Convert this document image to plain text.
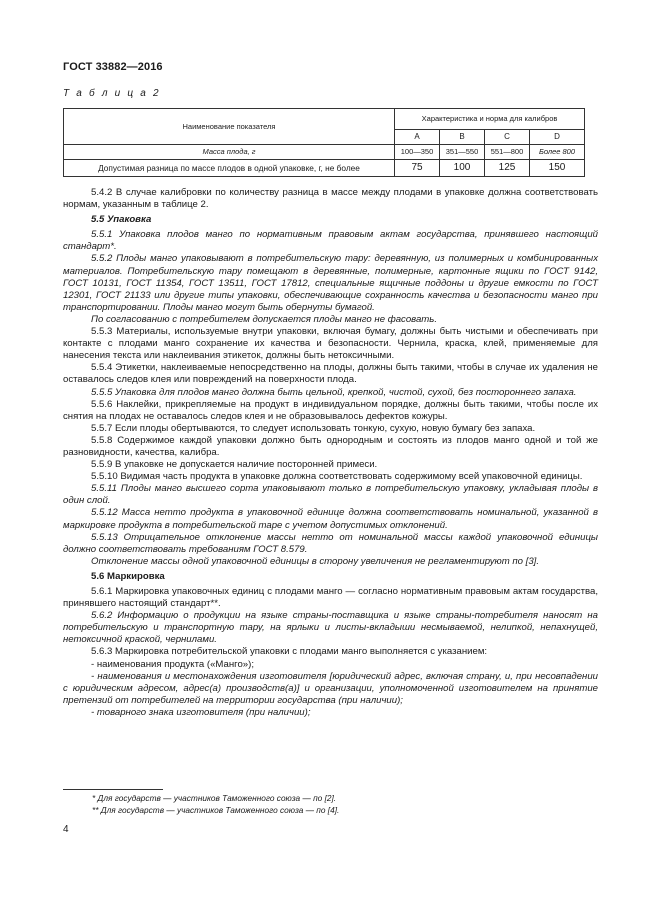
ГОСТ 33882—2016
Т а б л и ц а 2
Наименование показателя	Характеристика и норма для калибров			
	A	B	C	D
Масса плода, г	100—350	351—550	551—800	Более 800
Допустимая разница по массе плодов в одной упаковке, г, не более	75	100	125	150

5.4.2 В случае калибровки по количеству разница в массе между плодами в упаковке должна соответствовать нормам, указанным в таблице 2.

5.5 Упаковка

5.5.1 Упаковка плодов манго по нормативным правовым актам государства, принявшего настоящий стандарт*.

5.5.2 Плоды манго упаковывают в потребительскую тару: деревянную, из полимерных и комбинированных материалов. Потребительскую тару помещают в деревянные, полимерные, картонные ящики по ГОСТ 9142, ГОСТ 10131, ГОСТ 11354, ГОСТ 13511, ГОСТ 17812, специальные ящичные поддоны и другие емкости по ГОСТ 12301, ГОСТ 21133 или другие типы упаковки, обеспечивающие сохранность качества и безопасности манго при транспортировании. Плоды манго могут быть обернуты бумагой.

По согласованию с потребителем допускается плоды манго не фасовать.

5.5.3 Материалы, используемые внутри упаковки, включая бумагу, должны быть чистыми и обеспечивать при контакте с плодами манго сохранение их качества и безопасности. Чернила, краска, клей, применяемые для нанесения текста или наклеивания этикеток, должны быть нетоксичными.

5.5.4 Этикетки, наклеиваемые непосредственно на плоды, должны быть такими, чтобы в случае их удаления не оставалось следов клея или повреждений на поверхности плода.

5.5.5 Упаковка для плодов манго должна быть цельной, крепкой, чистой, сухой, без постороннего запаха.

5.5.6 Наклейки, прикрепляемые на продукт в индивидуальном порядке, должны быть такими, чтобы после их снятия на плодах не оставалось следов клея и не образовывалось дефектов кожуры.

5.5.7 Если плоды обертываются, то следует использовать тонкую, сухую, новую бумагу без запаха.

5.5.8 Содержимое каждой упаковки должно быть однородным и состоять из плодов манго одной и той же разновидности, качества, калибра.

5.5.9 В упаковке не допускается наличие посторонней примеси.

5.5.10 Видимая часть продукта в упаковке должна соответствовать содержимому всей упаковочной единицы.

5.5.11 Плоды манго высшего сорта упаковывают только в потребительскую упаковку, укладывая плоды в один слой.

5.5.12 Масса нетто продукта в упаковочной единице должна соответствовать номинальной, указанной в маркировке продукта в потребительской таре с учетом допустимых отклонений.

5.5.13 Отрицательное отклонение массы нетто от номинальной массы каждой упаковочной единицы должно соответствовать требованиям ГОСТ 8.579.

Отклонение массы одной упаковочной единицы в сторону увеличения не регламентируют по [3].

5.6 Маркировка

5.6.1 Маркировка упаковочных единиц с плодами манго — согласно нормативным правовым актам государства, принявшего настоящий стандарт**.

5.6.2 Информацию о продукции на языке страны-поставщика и языке страны-потребителя наносят на потребительскую и транспортную тару, на ярлыки и листы-вкладыши несмываемой, нелипкой, непахнущей, нетоксичной краской, чернилами.

5.6.3 Маркировка потребительской упаковки с плодами манго выполняется с указанием:

- наименования продукта («Манго»);

- наименования и местонахождения изготовителя [юридический адрес, включая страну, и, при несовпадении с юридическим адресом, адрес(а) производств(а)] и организации, уполномоченной изготовителем на принятие претензий от потребителей на территории государства (при наличии);

- товарного знака изготовителя (при наличии);

* Для государств — участников Таможенного союза — по [2].
** Для государств — участников Таможенного союза — по [4].
4
